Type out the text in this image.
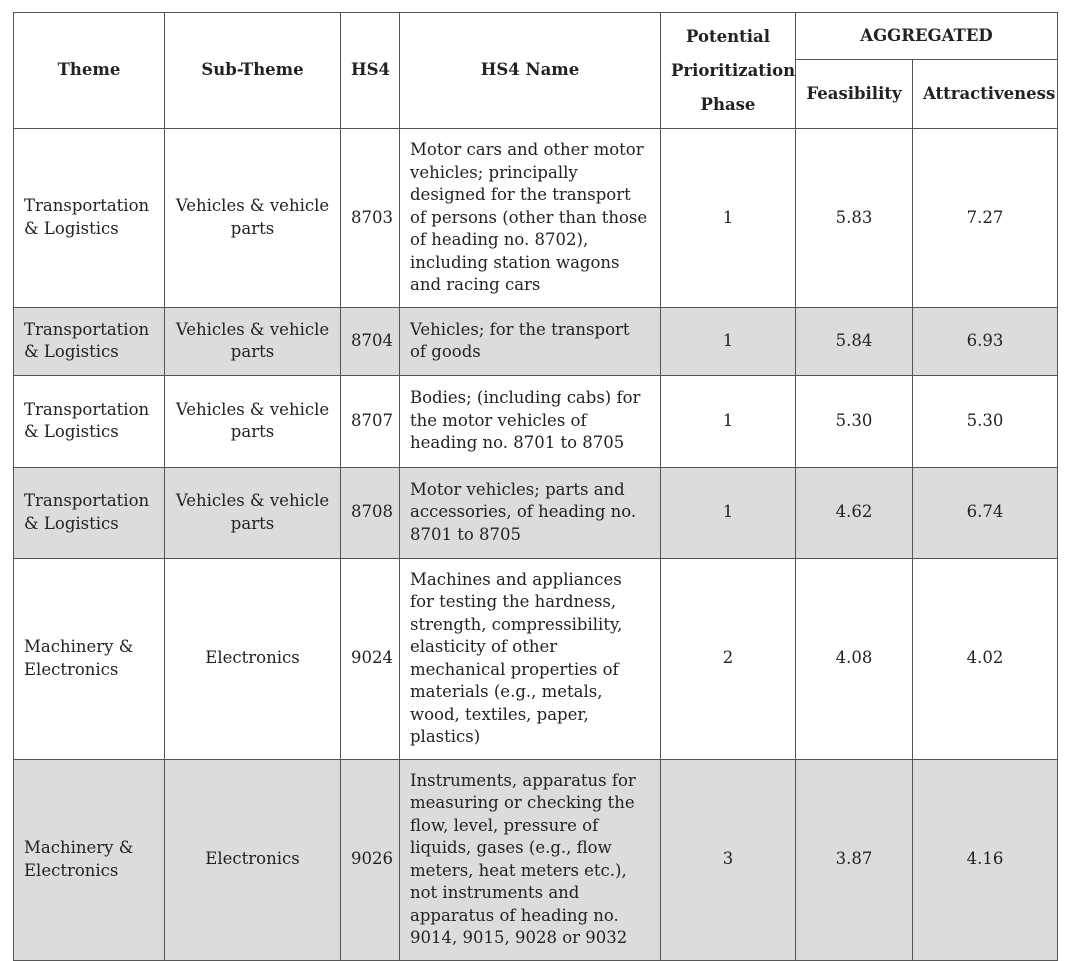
Theme	Sub-Theme	HS4	HS4 Name	Potential Prioritization Phase	AGGREGATED	
					Feasibility	Attractiveness
Transportation & Logistics	Vehicles & vehicle parts	8703	Motor cars and other motor vehicles; principally designed for the transport of persons (other than those of heading no. 8702), including station wagons and racing cars	1	5.83	7.27
Transportation & Logistics	Vehicles & vehicle parts	8704	Vehicles; for the transport of goods	1	5.84	6.93
Transportation & Logistics	Vehicles & vehicle parts	8707	Bodies; (including cabs) for the motor vehicles of heading no. 8701 to 8705	1	5.30	5.30
Transportation & Logistics	Vehicles & vehicle parts	8708	Motor vehicles; parts and accessories, of heading no. 8701 to 8705	1	4.62	6.74
Machinery & Electronics	Electronics	9024	Machines and appliances for testing the hardness, strength, compressibility, elasticity of other mechanical properties of materials (e.g., metals, wood, textiles, paper, plastics)	2	4.08	4.02
Machinery & Electronics	Electronics	9026	Instruments, apparatus for measuring or checking the flow, level, pressure of liquids, gases (e.g., flow meters, heat meters etc.), not instruments and apparatus of heading no. 9014, 9015, 9028 or 9032	3	3.87	4.16
